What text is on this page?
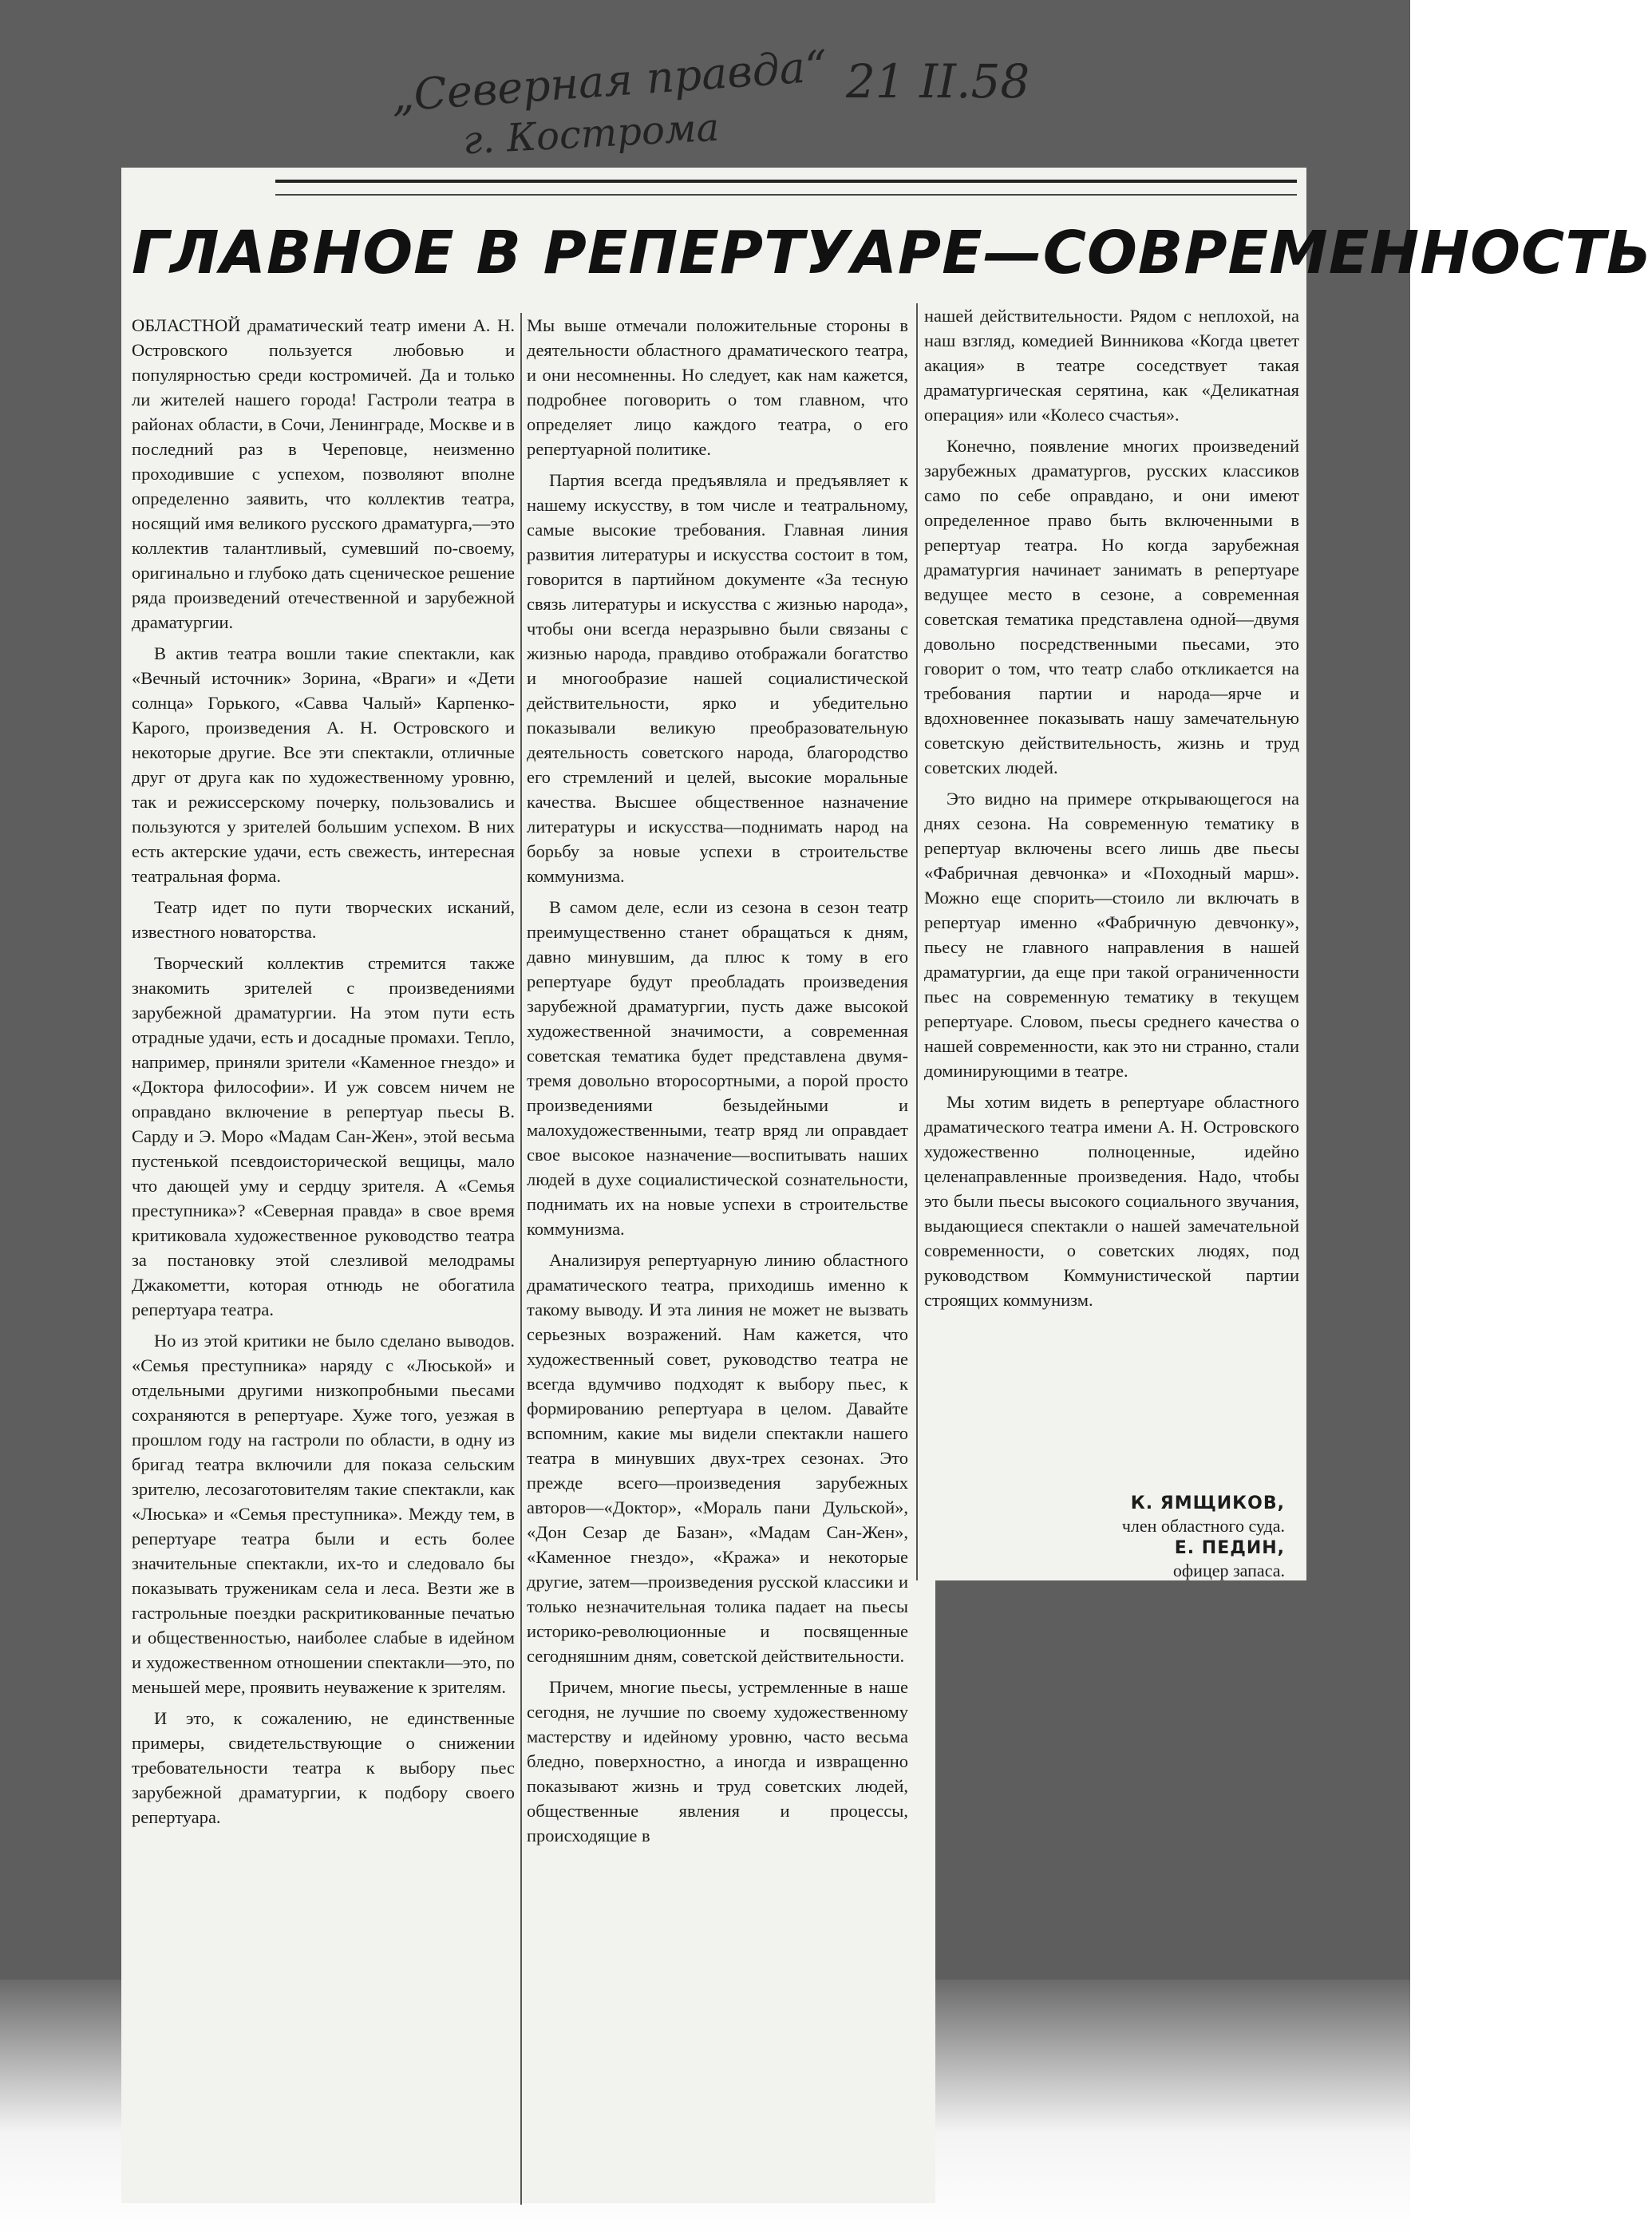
„Северная правда“ 21 II.58
г. Кострома
ГЛАВНОЕ В РЕПЕРТУАРЕ—СОВРЕМЕННОСТЬ

ОБЛАСТНОЙ драматический театр имени А. Н. Островского пользуется любовью и популярностью среди костромичей. Да и только ли жителей нашего города! Гастроли театра в районах области, в Сочи, Ленинграде, Москве и в последний раз в Череповце, неизменно проходившие с успехом, позволяют вполне определенно заявить, что коллектив театра, носящий имя великого русского драматурга,—это коллектив талантливый, сумевший по-своему, оригинально и глубоко дать сценическое решение ряда произведений отечественной и зарубежной драматургии.

В актив театра вошли такие спектакли, как «Вечный источник» Зорина, «Враги» и «Дети солнца» Горького, «Савва Чалый» Карпенко-Карого, произведения А. Н. Островского и некоторые другие. Все эти спектакли, отличные друг от друга как по художественному уровню, так и режиссерскому почерку, пользовались и пользуются у зрителей большим успехом. В них есть актерские удачи, есть свежесть, интересная театральная форма.

Театр идет по пути творческих исканий, известного новаторства.

Творческий коллектив стремится также знакомить зрителей с произведениями зарубежной драматургии. На этом пути есть отрадные удачи, есть и досадные промахи. Тепло, например, приняли зрители «Каменное гнездо» и «Доктора философии». И уж совсем ничем не оправдано включение в репертуар пьесы В. Сарду и Э. Моро «Мадам Сан-Жен», этой весьма пустенькой псевдоисторической вещицы, мало что дающей уму и сердцу зрителя. А «Семья преступника»? «Северная правда» в свое время критиковала художественное руководство театра за постановку этой слезливой мелодрамы Джакометти, которая отнюдь не обогатила репертуара театра.

Но из этой критики не было сделано выводов. «Семья преступника» наряду с «Люськой» и отдельными другими низкопробными пьесами сохраняются в репертуаре. Хуже того, уезжая в прошлом году на гастроли по области, в одну из бригад театра включили для показа сельским зрителю, лесозаготовителям такие спектакли, как «Люська» и «Семья преступника». Между тем, в репертуаре театра были и есть более значительные спектакли, их-то и следовало бы показывать труженикам села и леса. Везти же в гастрольные поездки раскритикованные печатью и общественностью, наиболее слабые в идейном и художественном отношении спектакли—это, по меньшей мере, проявить неуважение к зрителям.

И это, к сожалению, не единственные примеры, свидетельствующие о снижении требовательности театра к выбору пьес зарубежной драматургии, к подбору своего репертуара.

Мы выше отмечали положительные стороны в деятельности областного драматического театра, и они несомненны. Но следует, как нам кажется, подробнее поговорить о том главном, что определяет лицо каждого театра, о его репертуарной политике.

Партия всегда предъявляла и предъявляет к нашему искусству, в том числе и театральному, самые высокие требования. Главная линия развития литературы и искусства состоит в том, говорится в партийном документе «За тесную связь литературы и искусства с жизнью народа», чтобы они всегда неразрывно были связаны с жизнью народа, правдиво отображали богатство и многообразие нашей социалистической действительности, ярко и убедительно показывали великую преобразовательную деятельность советского народа, благородство его стремлений и целей, высокие моральные качества. Высшее общественное назначение литературы и искусства—поднимать народ на борьбу за новые успехи в строительстве коммунизма.

В самом деле, если из сезона в сезон театр преимущественно станет обращаться к дням, давно минувшим, да плюс к тому в его репертуаре будут преобладать произведения зарубежной драматургии, пусть даже высокой художественной значимости, а современная советская тематика будет представлена двумя-тремя довольно второсортными, а порой просто произведениями безыдейными и малохудожественными, театр вряд ли оправдает свое высокое назначение—воспитывать наших людей в духе социалистической сознательности, поднимать их на новые успехи в строительстве коммунизма.

Анализируя репертуарную линию областного драматического театра, приходишь именно к такому выводу. И эта линия не может не вызвать серьезных возражений. Нам кажется, что художественный совет, руководство театра не всегда вдумчиво подходят к выбору пьес, к формированию репертуара в целом. Давайте вспомним, какие мы видели спектакли нашего театра в минувших двух-трех сезонах. Это прежде всего—произведения зарубежных авторов—«Доктор», «Мораль пани Дульской», «Дон Сезар де Базан», «Мадам Сан-Жен», «Каменное гнездо», «Кража» и некоторые другие, затем—произведения русской классики и только незначительная толика падает на пьесы историко-революционные и посвященные сегодняшним дням, советской действительности.

Причем, многие пьесы, устремленные в наше сегодня, не лучшие по своему художественному мастерству и идейному уровню, часто весьма бледно, поверхностно, а иногда и извращенно показывают жизнь и труд советских людей, общественные явления и процессы, происходящие в

нашей действительности. Рядом с неплохой, на наш взгляд, комедией Винникова «Когда цветет акация» в театре соседствует такая драматургическая серятина, как «Деликатная операция» или «Колесо счастья».

Конечно, появление многих произведений зарубежных драматургов, русских классиков само по себе оправдано, и они имеют определенное право быть включенными в репертуар театра. Но когда зарубежная драматургия начинает занимать в репертуаре ведущее место в сезоне, а современная советская тематика представлена одной—двумя довольно посредственными пьесами, это говорит о том, что театр слабо откликается на требования партии и народа—ярче и вдохновеннее показывать нашу замечательную советскую действительность, жизнь и труд советских людей.

Это видно на примере открывающегося на днях сезона. На современную тематику в репертуар включены всего лишь две пьесы «Фабричная девчонка» и «Походный марш». Можно еще спорить—стоило ли включать в репертуар именно «Фабричную девчонку», пьесу не главного направления в нашей драматургии, да еще при такой ограниченности пьес на современную тематику в текущем репертуаре. Словом, пьесы среднего качества о нашей современности, как это ни странно, стали доминирующими в театре.

Мы хотим видеть в репертуаре областного драматического театра имени А. Н. Островского художественно полноценные, идейно целенаправленные произведения. Надо, чтобы это были пьесы высокого социального звучания, выдающиеся спектакли о нашей замечательной современности, о советских людях, под руководством Коммунистической партии строящих коммунизм.

К. ЯМЩИКОВ,
член областного суда.
Е. ПЕДИН,
офицер запаса.
